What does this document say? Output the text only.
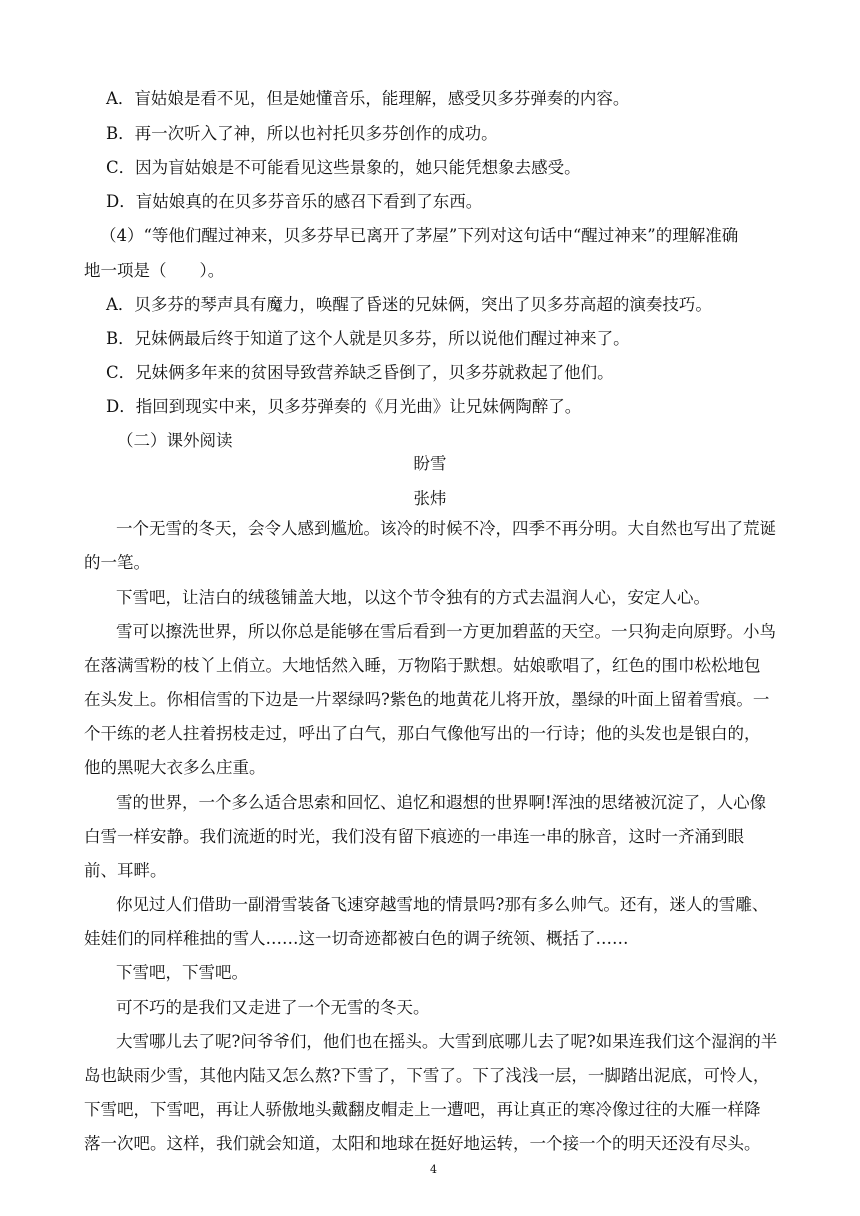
A．盲姑娘是看不见，但是她懂音乐，能理解，感受贝多芬弹奏的内容。
B．再一次听入了神，所以也衬托贝多芬创作的成功。
C．因为盲姑娘是不可能看见这些景象的，她只能凭想象去感受。
D．盲姑娘真的在贝多芬音乐的感召下看到了东西。
（4）“等他们醒过神来，贝多芬早已离开了茅屋”下列对这句话中“醒过神来”的理解准确
地一项是（　　）。
A．贝多芬的琴声具有魔力，唤醒了昏迷的兄妹俩，突出了贝多芬高超的演奏技巧。
B．兄妹俩最后终于知道了这个人就是贝多芬，所以说他们醒过神来了。
C．兄妹俩多年来的贫困导致营养缺乏昏倒了，贝多芬就救起了他们。
D．指回到现实中来，贝多芬弹奏的《月光曲》让兄妹俩陶醉了。
（二）课外阅读
盼雪
张炜
一个无雪的冬天，会令人感到尴尬。该冷的时候不冷，四季不再分明。大自然也写出了荒诞
的一笔。
下雪吧，让洁白的绒毯铺盖大地，以这个节令独有的方式去温润人心，安定人心。
雪可以擦洗世界，所以你总是能够在雪后看到一方更加碧蓝的天空。一只狗走向原野。小鸟
在落满雪粉的枝丫上俏立。大地恬然入睡，万物陷于默想。姑娘歌唱了，红色的围巾松松地包
在头发上。你相信雪的下边是一片翠绿吗?紫色的地黄花儿将开放，墨绿的叶面上留着雪痕。一
个干练的老人拄着拐枝走过，呼出了白气，那白气像他写出的一行诗；他的头发也是银白的，
他的黑呢大衣多么庄重。
雪的世界，一个多么适合思索和回忆、追忆和遐想的世界啊!浑浊的思绪被沉淀了，人心像
白雪一样安静。我们流逝的时光，我们没有留下痕迹的一串连一串的脉音，这时一齐涌到眼
前、耳畔。
你见过人们借助一副滑雪装备飞速穿越雪地的情景吗?那有多么帅气。还有，迷人的雪雕、
娃娃们的同样稚拙的雪人……这一切奇迹都被白色的调子统领、概括了……
下雪吧，下雪吧。
可不巧的是我们又走进了一个无雪的冬天。
大雪哪儿去了呢?问爷爷们，他们也在摇头。大雪到底哪儿去了呢?如果连我们这个湿润的半
岛也缺雨少雪，其他内陆又怎么熬?下雪了，下雪了。下了浅浅一层，一脚踏出泥底，可怜人，
下雪吧，下雪吧，再让人骄傲地头戴翻皮帽走上一遭吧，再让真正的寒冷像过往的大雁一样降
落一次吧。这样，我们就会知道，太阳和地球在挺好地运转，一个接一个的明天还没有尽头。
